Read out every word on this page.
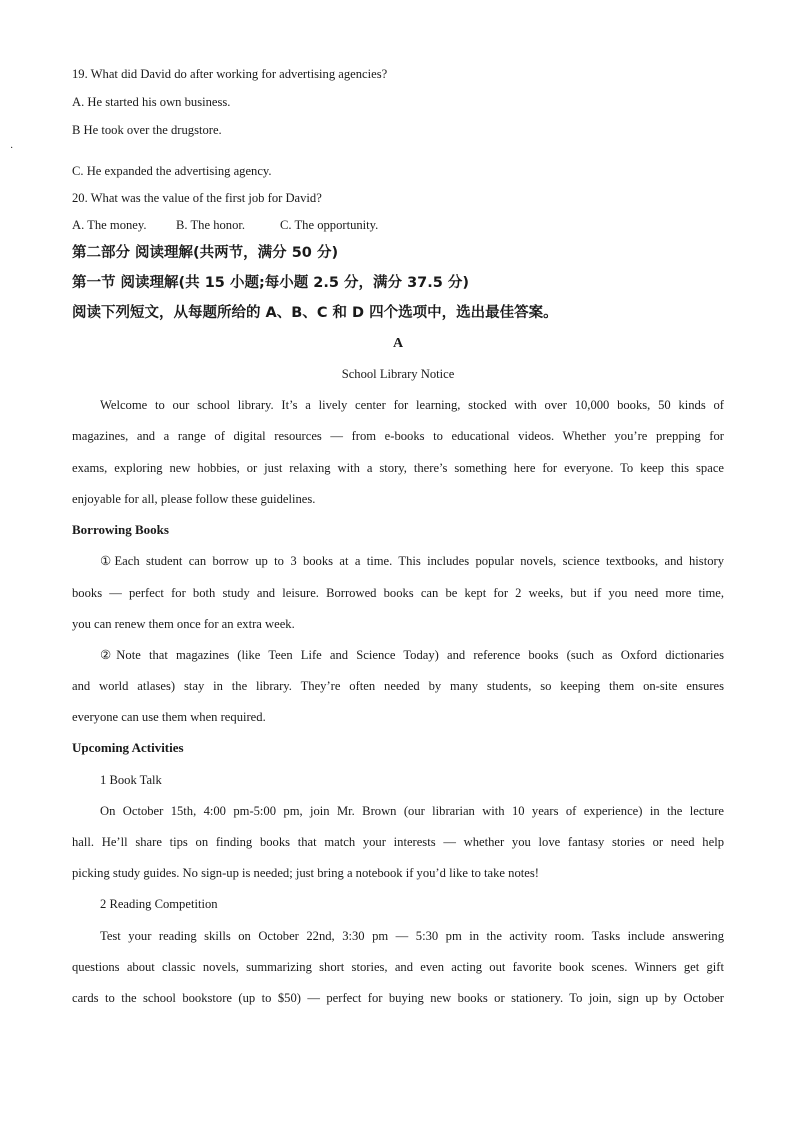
·
19. What did David do after working for advertising agencies?
A. He started his own business.
B He took over the drugstore.
C. He expanded the advertising agency.
20. What was the value of the first job for David?
A. The money. B. The honor.	C. The opportunity.
第二部分 阅读理解(共两节，满分 50 分)
第一节 阅读理解(共 15 小题;每小题 2.5 分，满分 37.5 分)
阅读下列短文，从每题所给的 A、B、C 和 D 四个选项中，选出最佳答案。
A
School Library Notice
Welcome to our school library. It’s a lively center for learning, stocked with over 10,000 books, 50 kinds of
magazines, and a range of digital resources — from e-books to educational videos. Whether you’re prepping for
exams, exploring new hobbies, or just relaxing with a story, there’s something here for everyone. To keep this space
enjoyable for all, please follow these guidelines.
Borrowing Books
①Each student can borrow up to 3 books at a time. This includes popular novels, science textbooks, and history
books — perfect for both study and leisure. Borrowed books can be kept for 2 weeks, but if you need more time,
you can renew them once for an extra week.
②Note that magazines (like Teen Life and Science Today) and reference books (such as Oxford dictionaries
and world atlases) stay in the library. They’re often needed by many students, so keeping them on-site ensures
everyone can use them when required.
Upcoming Activities
1 Book Talk
On October 15th, 4:00 pm-5:00 pm, join Mr. Brown (our librarian with 10 years of experience) in the lecture
hall. He’ll share tips on finding books that match your interests — whether you love fantasy stories or need help
picking study guides. No sign-up is needed; just bring a notebook if you’d like to take notes!
2 Reading Competition
Test your reading skills on October 22nd, 3:30 pm — 5:30 pm in the activity room. Tasks include answering
questions about classic novels, summarizing short stories, and even acting out favorite book scenes. Winners get gift
cards to the school bookstore (up to $50) — perfect for buying new books or stationery. To join, sign up by October
